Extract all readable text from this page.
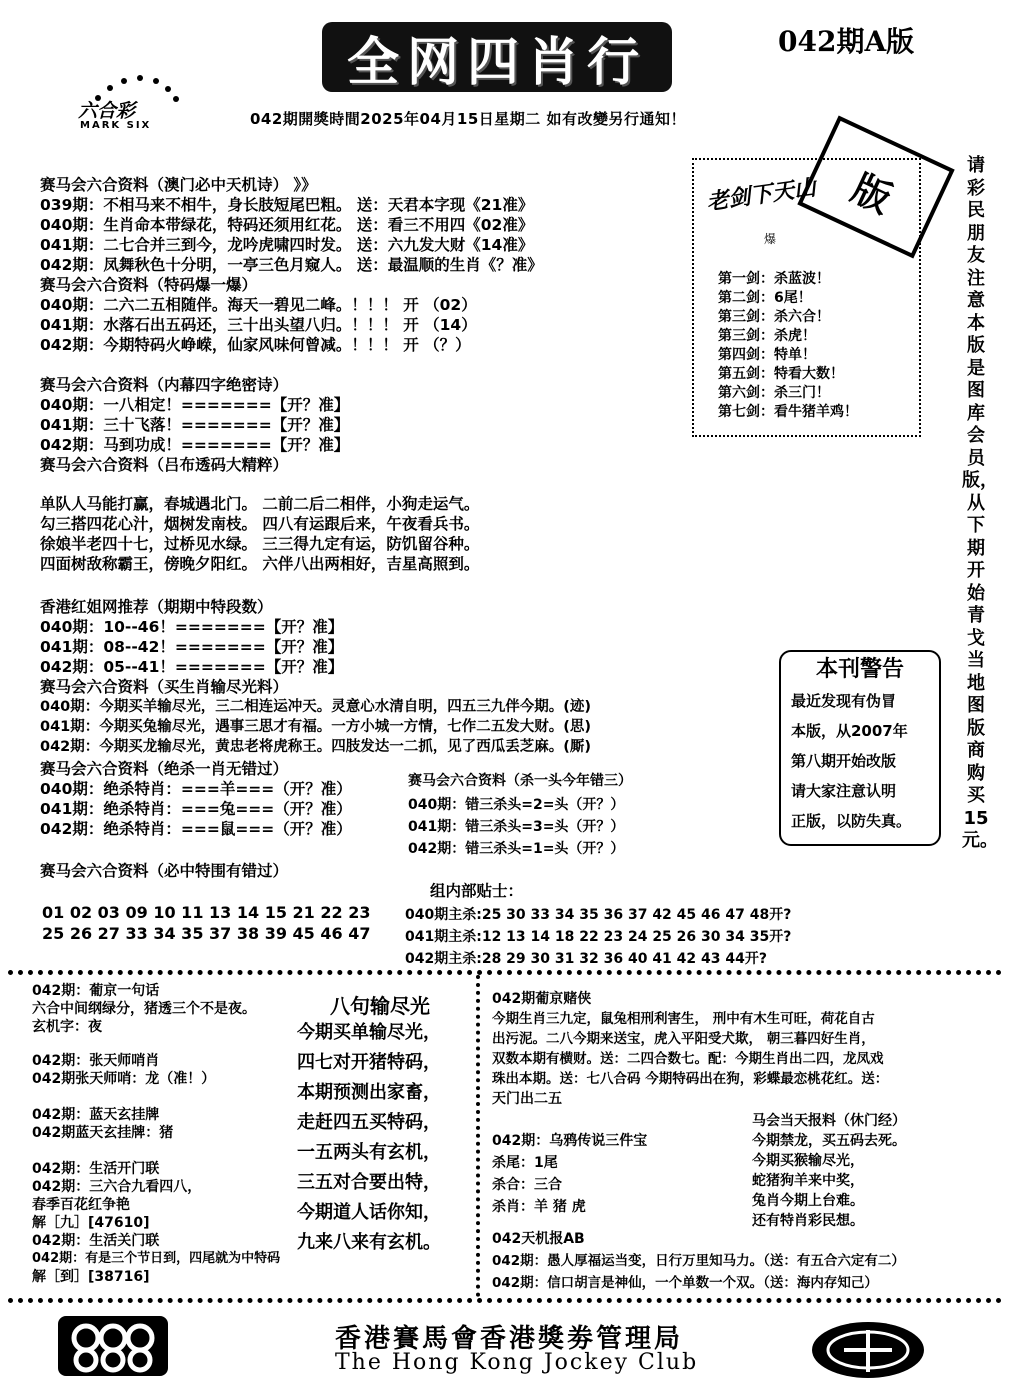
全网四肖行	042期A版
六合彩
MARK SIX	042期開獎時間2025年04月15日星期二 如有改變另行通知！
版
老剑下天山
爆
第一剑：杀蓝波！
第二剑：6尾！
第三剑：杀六合！
第三剑：杀虎！
第四剑：特单！
第五剑：特看大数！
第六剑：杀三门！
第七剑：看牛猪羊鸡！
请彩民朋友注意本版是图库会员版，从下期开始青戈当地图版商购买15元。
赛马会六合资料（澳门必中天机诗） 》》
039期：不相马来不相牛，身长肢短尾巴粗。 送：天君本字现《21准》
040期：生肖命本带绿花，特码还须用红花。 送：看三不用四《02准》
041期：二七合并三到今，龙吟虎啸四时发。 送：六九发大财《14准》
042期：凤舞秋色十分明，一亭三色月窥人。 送：最温顺的生肖《？准》
赛马会六合资料（特码爆一爆）
040期：二六二五相随伴。海天一碧见二峰。！！！ 开 （02）
041期：水落石出五码还，三十出头望八归。！！！ 开 （14）
042期：今期特码火峥嵘，仙家风味何曾减。！！！ 开 （？）
赛马会六合资料（内幕四字绝密诗）
040期：一八相定！=======【开？准】
041期：三十飞落！=======【开？准】
042期：马到功成！=======【开？准】
赛马会六合资料（吕布透码大精粹）
单队人马能打赢，春城遇北门。 二前二后二相伴，小狗走运气。
勾三搭四花心汁，烟树发南枝。 四八有运跟后来，午夜看兵书。
徐娘半老四十七，过桥见水绿。 三三得九定有运，防饥留谷种。
四面树敌称霸王，傍晚夕阳红。 六伴八出两相好，吉星高照到。
香港红姐网推荐（期期中特段数）
040期：10--46！=======【开？准】
041期：08--42！=======【开？准】
042期：05--41！=======【开？准】
赛马会六合资料（买生肖输尽光料）
040期：今期买羊输尽光，三二相连运冲天。灵意心水清自明，四五三九伴今期。(迹)
041期：今期买兔输尽光，遇事三思才有福。一方小城一方情，七作二五发大财。(思)
042期：今期买龙输尽光，黄忠老将虎称王。四肢发达一二抓，见了西瓜丢芝麻。(厮)
赛马会六合资料（绝杀一肖无错过）
040期：绝杀特肖：===羊===（开？准）
041期：绝杀特肖：===兔===（开？准）
042期：绝杀特肖：===鼠===（开？准）
赛马会六合资料（杀一头今年错三）
040期：错三杀头=2=头（开？）
041期：错三杀头=3=头（开？）
042期：错三杀头=1=头（开？）
赛马会六合资料（必中特围有错过）
01 02 03 09 10 11 13 14 15 21 22 23
25 26 27 33 34 35 37 38 39 45 46 47
组内部贴士：
040期主杀:25 30 33 34 35 36 37 42 45 46 47 48开?
041期主杀:12 13 14 18 22 23 24 25 26 30 34 35开?
042期主杀:28 29 30 31 32 36 40 41 42 43 44开?
本刊警告
最近发现有伪冒
本版，从2007年
第八期开始改版
请大家注意认明
正版，以防失真。
042期：葡京一句话
六合中间纲绿分，猪透三个不是夜。
玄机字：夜
042期：张天师哨肖
042期张天师哨：龙（准！）
042期：蓝天玄挂牌
042期蓝天玄挂牌：猪
042期：生活开门联
042期：三六合九看四八，
春季百花红争艳
解［九］[47610]
042期：生活关门联
042期：有是三个节日到，四尾就为中特码
解［到］[38716]
八句输尽光
今期买单输尽光，
四七对开猪特码，
本期预测出家畜，
走赶四五买特码，
一五两头有玄机，
三五对合要出特，
今期道人话你知，
九来八来有玄机。
042期葡京赌侠
今期生肖三九定，鼠兔相刑利害生， 刑中有木生可旺，荷花自古
出污泥。二八今期来送宝，虎入平阳受犬欺， 朝三暮四好生肖，
双数本期有横财。送：二四合数七。配：今期生肖出二四，龙凤戏
珠出本期。送：七八合码 今期特码出在狗，彩蝶最恋桃花红。送：
天门出二五
042期：乌鸦传说三件宝
杀尾：1尾
杀合：三合
杀肖：羊 猪 虎
马会当天报料（休门经）
今期禁龙，买五码去死。
今期买猴输尽光，
蛇猪狗羊来中奖，
兔肖今期上台难。
还有特肖彩民想。
042天机报AB
042期：愚人厚福运当变，日行万里知马力。（送：有五合六定有二）
042期：信口胡言是神仙，一个单数一个双。（送：海内存知己）
香港賽馬會香港獎劵管理局
The Hong Kong Jockey Club
